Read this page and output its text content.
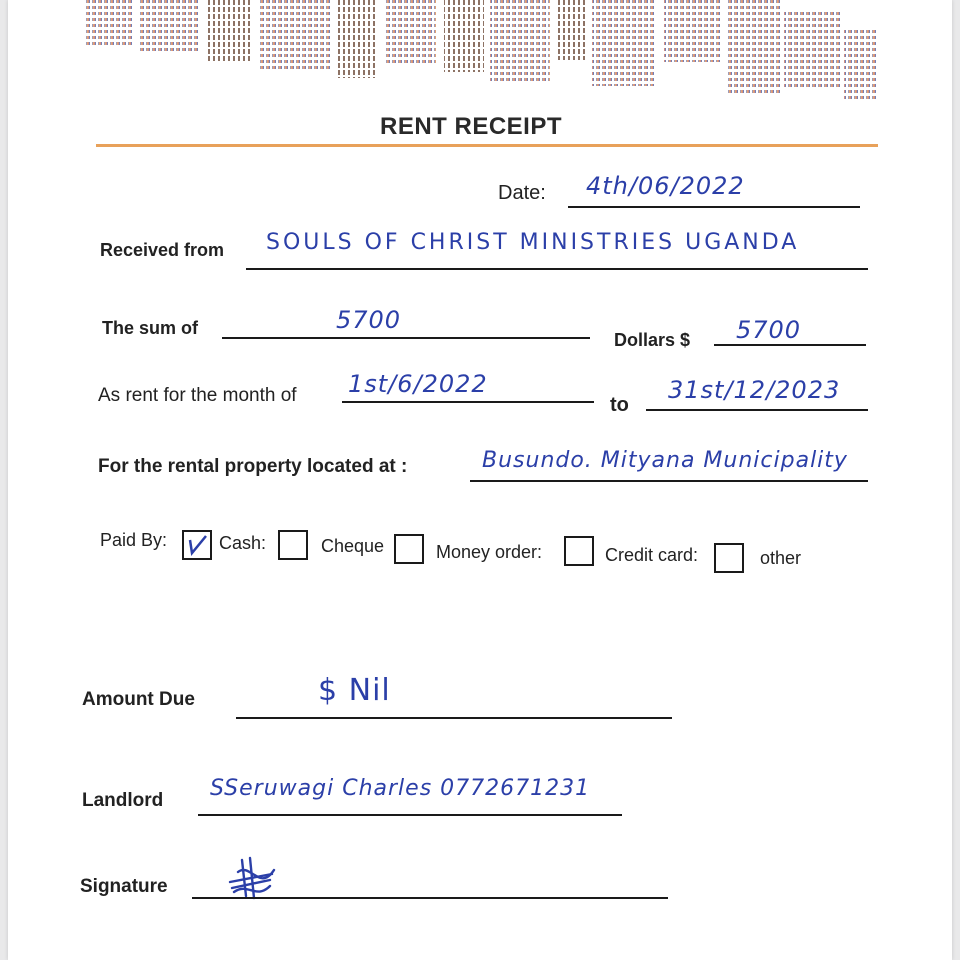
RENT RECEIPT
Date: 4th/06/2022
Received from SOULS OF CHRIST MINISTRIES UGANDA
The sum of	5700
Dollars $ 5700
As rent for the month of 1st/6/2022
to
31st/12/2023
For the rental property located at :	Busundo. Mityana Municipality
Paid By:	Cash:	Cheque	Money order:	Credit card:	other
Amount Due	$ Nil
Landlord SSeruwagi Charles 0772671231
Signature
